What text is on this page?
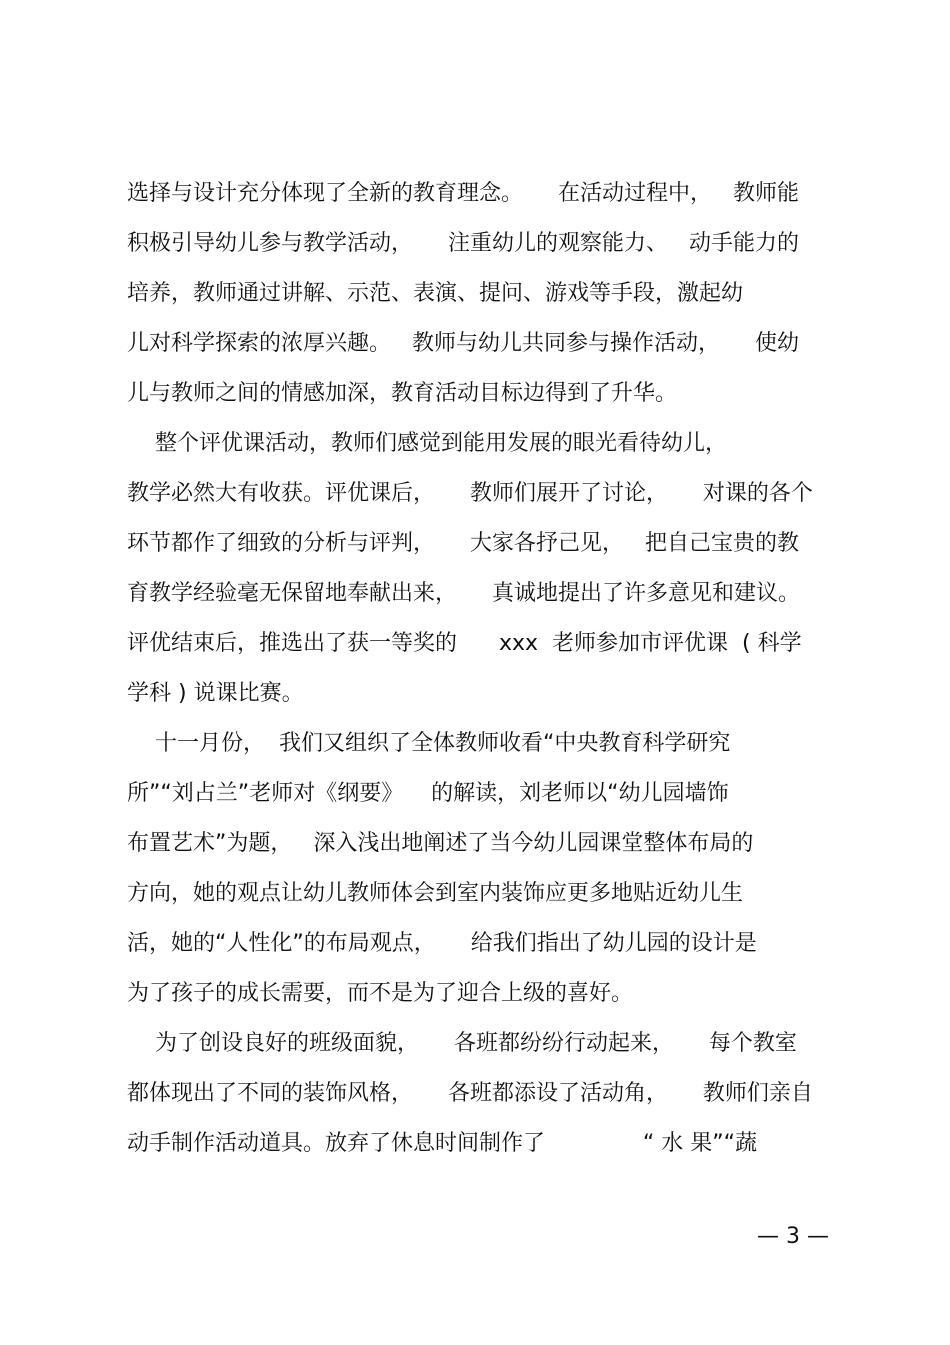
选择与设计充分体现了全新的教育理念。     在活动过程中，   教师能
积极引导幼儿参与教学活动，     注重幼儿的观察能力、   动手能力的
培养，教师通过讲解、示范、表演、提问、游戏等手段，激起幼
儿对科学探索的浓厚兴趣。   教师与幼儿共同参与操作活动，     使幼
儿与教师之间的情感加深，教育活动目标边得到了升华。
整个评优课活动，教师们感觉到能用发展的眼光看待幼儿，
教学必然大有收获。评优课后，     教师们展开了讨论，     对课的各个
环节都作了细致的分析与评判，     大家各抒己见，   把自己宝贵的教
育教学经验毫无保留地奉献出来，     真诚地提出了许多意见和建议。
评优结束后，推选出了获一等奖的      xxx  老师参加市评优课  ( 科学
学科 ) 说课比赛。
十一月份，  我们又组织了全体教师收看“中央教育科学研究
所”“刘占兰”老师对《纲要》    的解读，刘老师以“幼儿园墙饰
布置艺术”为题，   深入浅出地阐述了当今幼儿园课堂整体布局的
方向，她的观点让幼儿教师体会到室内装饰应更多地贴近幼儿生
活，她的“人性化”的布局观点，     给我们指出了幼儿园的设计是
为了孩子的成长需要，而不是为了迎合上级的喜好。
为了创设良好的班级面貌，     各班都纷纷行动起来，     每个教室
都体现出了不同的装饰风格，     各班都添设了活动角，     教师们亲自
动手制作活动道具。放弃了休息时间制作了              “ 水 果”“蔬
— 3 —
